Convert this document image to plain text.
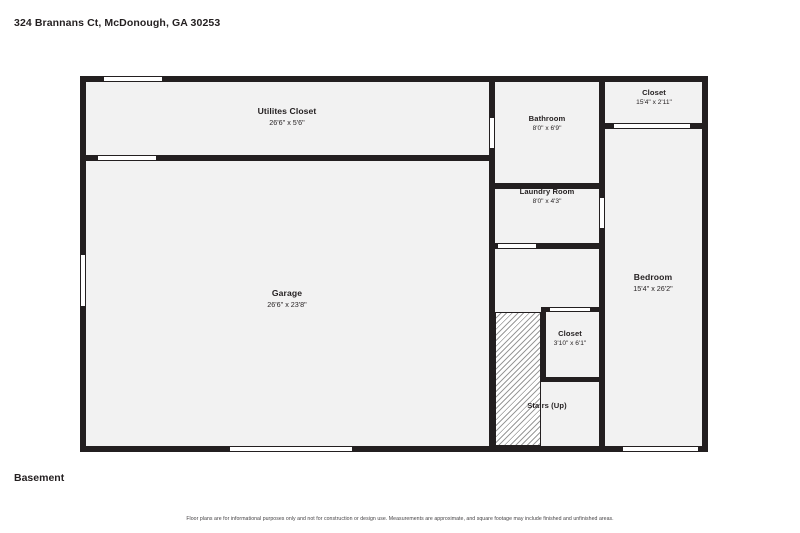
324 Brannans Ct, McDonough, GA 30253
Utilites Closet
26'6" x 5'6"	Bathroom
8'0" x 6'9"
Closet
15'4" x 2'11"
Laundry Room
8'0" x 4'3"
Bedroom
15'4" x 26'2"
Garage
26'6" x 23'8"
Closet
3'10" x 6'1"
Stairs (Up)
Basement
Floor plans are for informational purposes only and not for construction or design use. Measurements are approximate, and square footage may include finished and unfinished areas.
